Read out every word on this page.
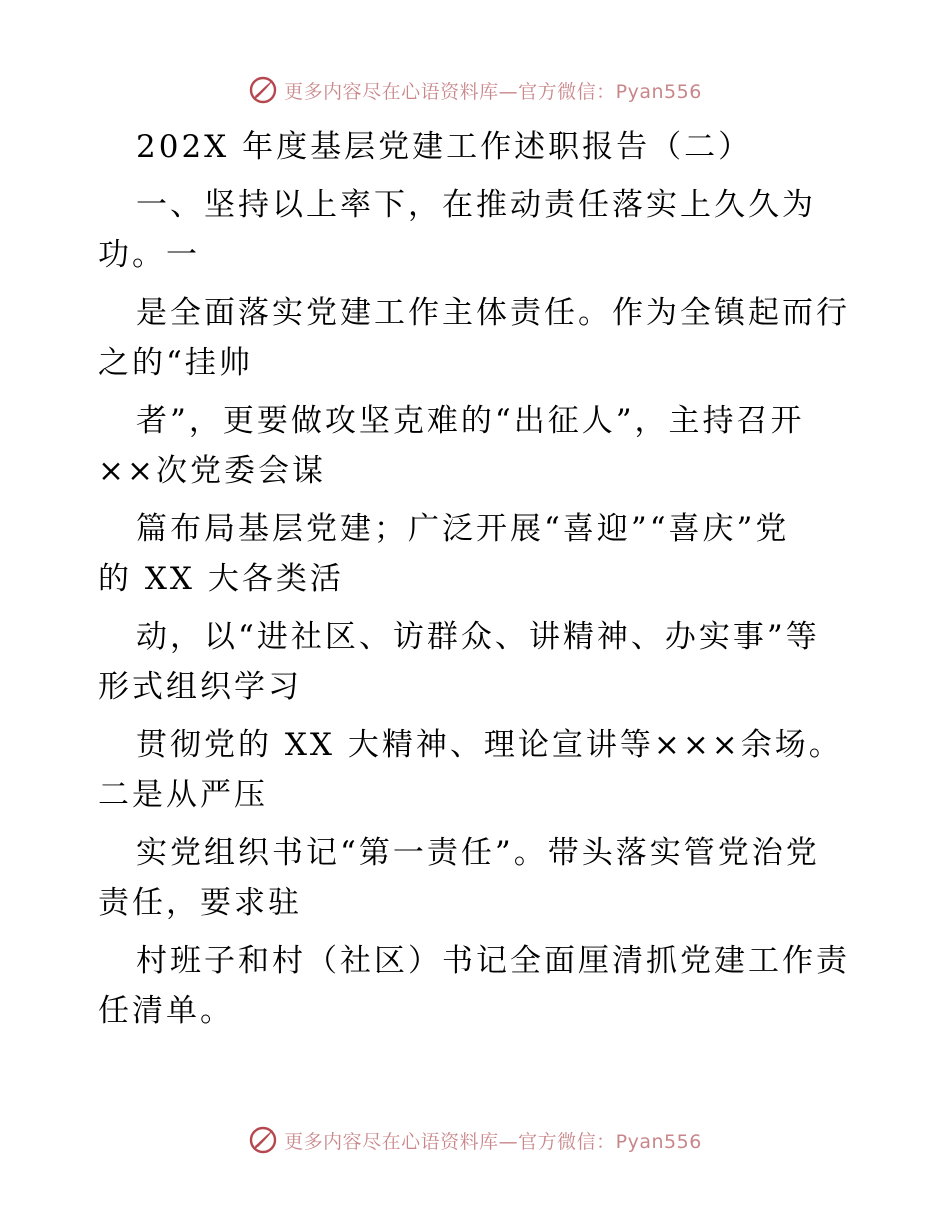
更多内容尽在心语资料库—官方微信：Pyan556
202X 年度基层党建工作述职报告（二）
一、坚持以上率下，在推动责任落实上久久为
功。一
是全面落实党建工作主体责任。作为全镇起而行
之的“挂帅
者”，更要做攻坚克难的“出征人”，主持召开
××次党委会谋
篇布局基层党建；广泛开展“喜迎”“喜庆”党
的 XX 大各类活
动，以“进社区、访群众、讲精神、办实事”等
形式组织学习
贯彻党的 XX 大精神、理论宣讲等×××余场。
二是从严压
实党组织书记“第一责任”。带头落实管党治党
责任，要求驻
村班子和村（社区）书记全面厘清抓党建工作责
任清单。
更多内容尽在心语资料库—官方微信：Pyan556
